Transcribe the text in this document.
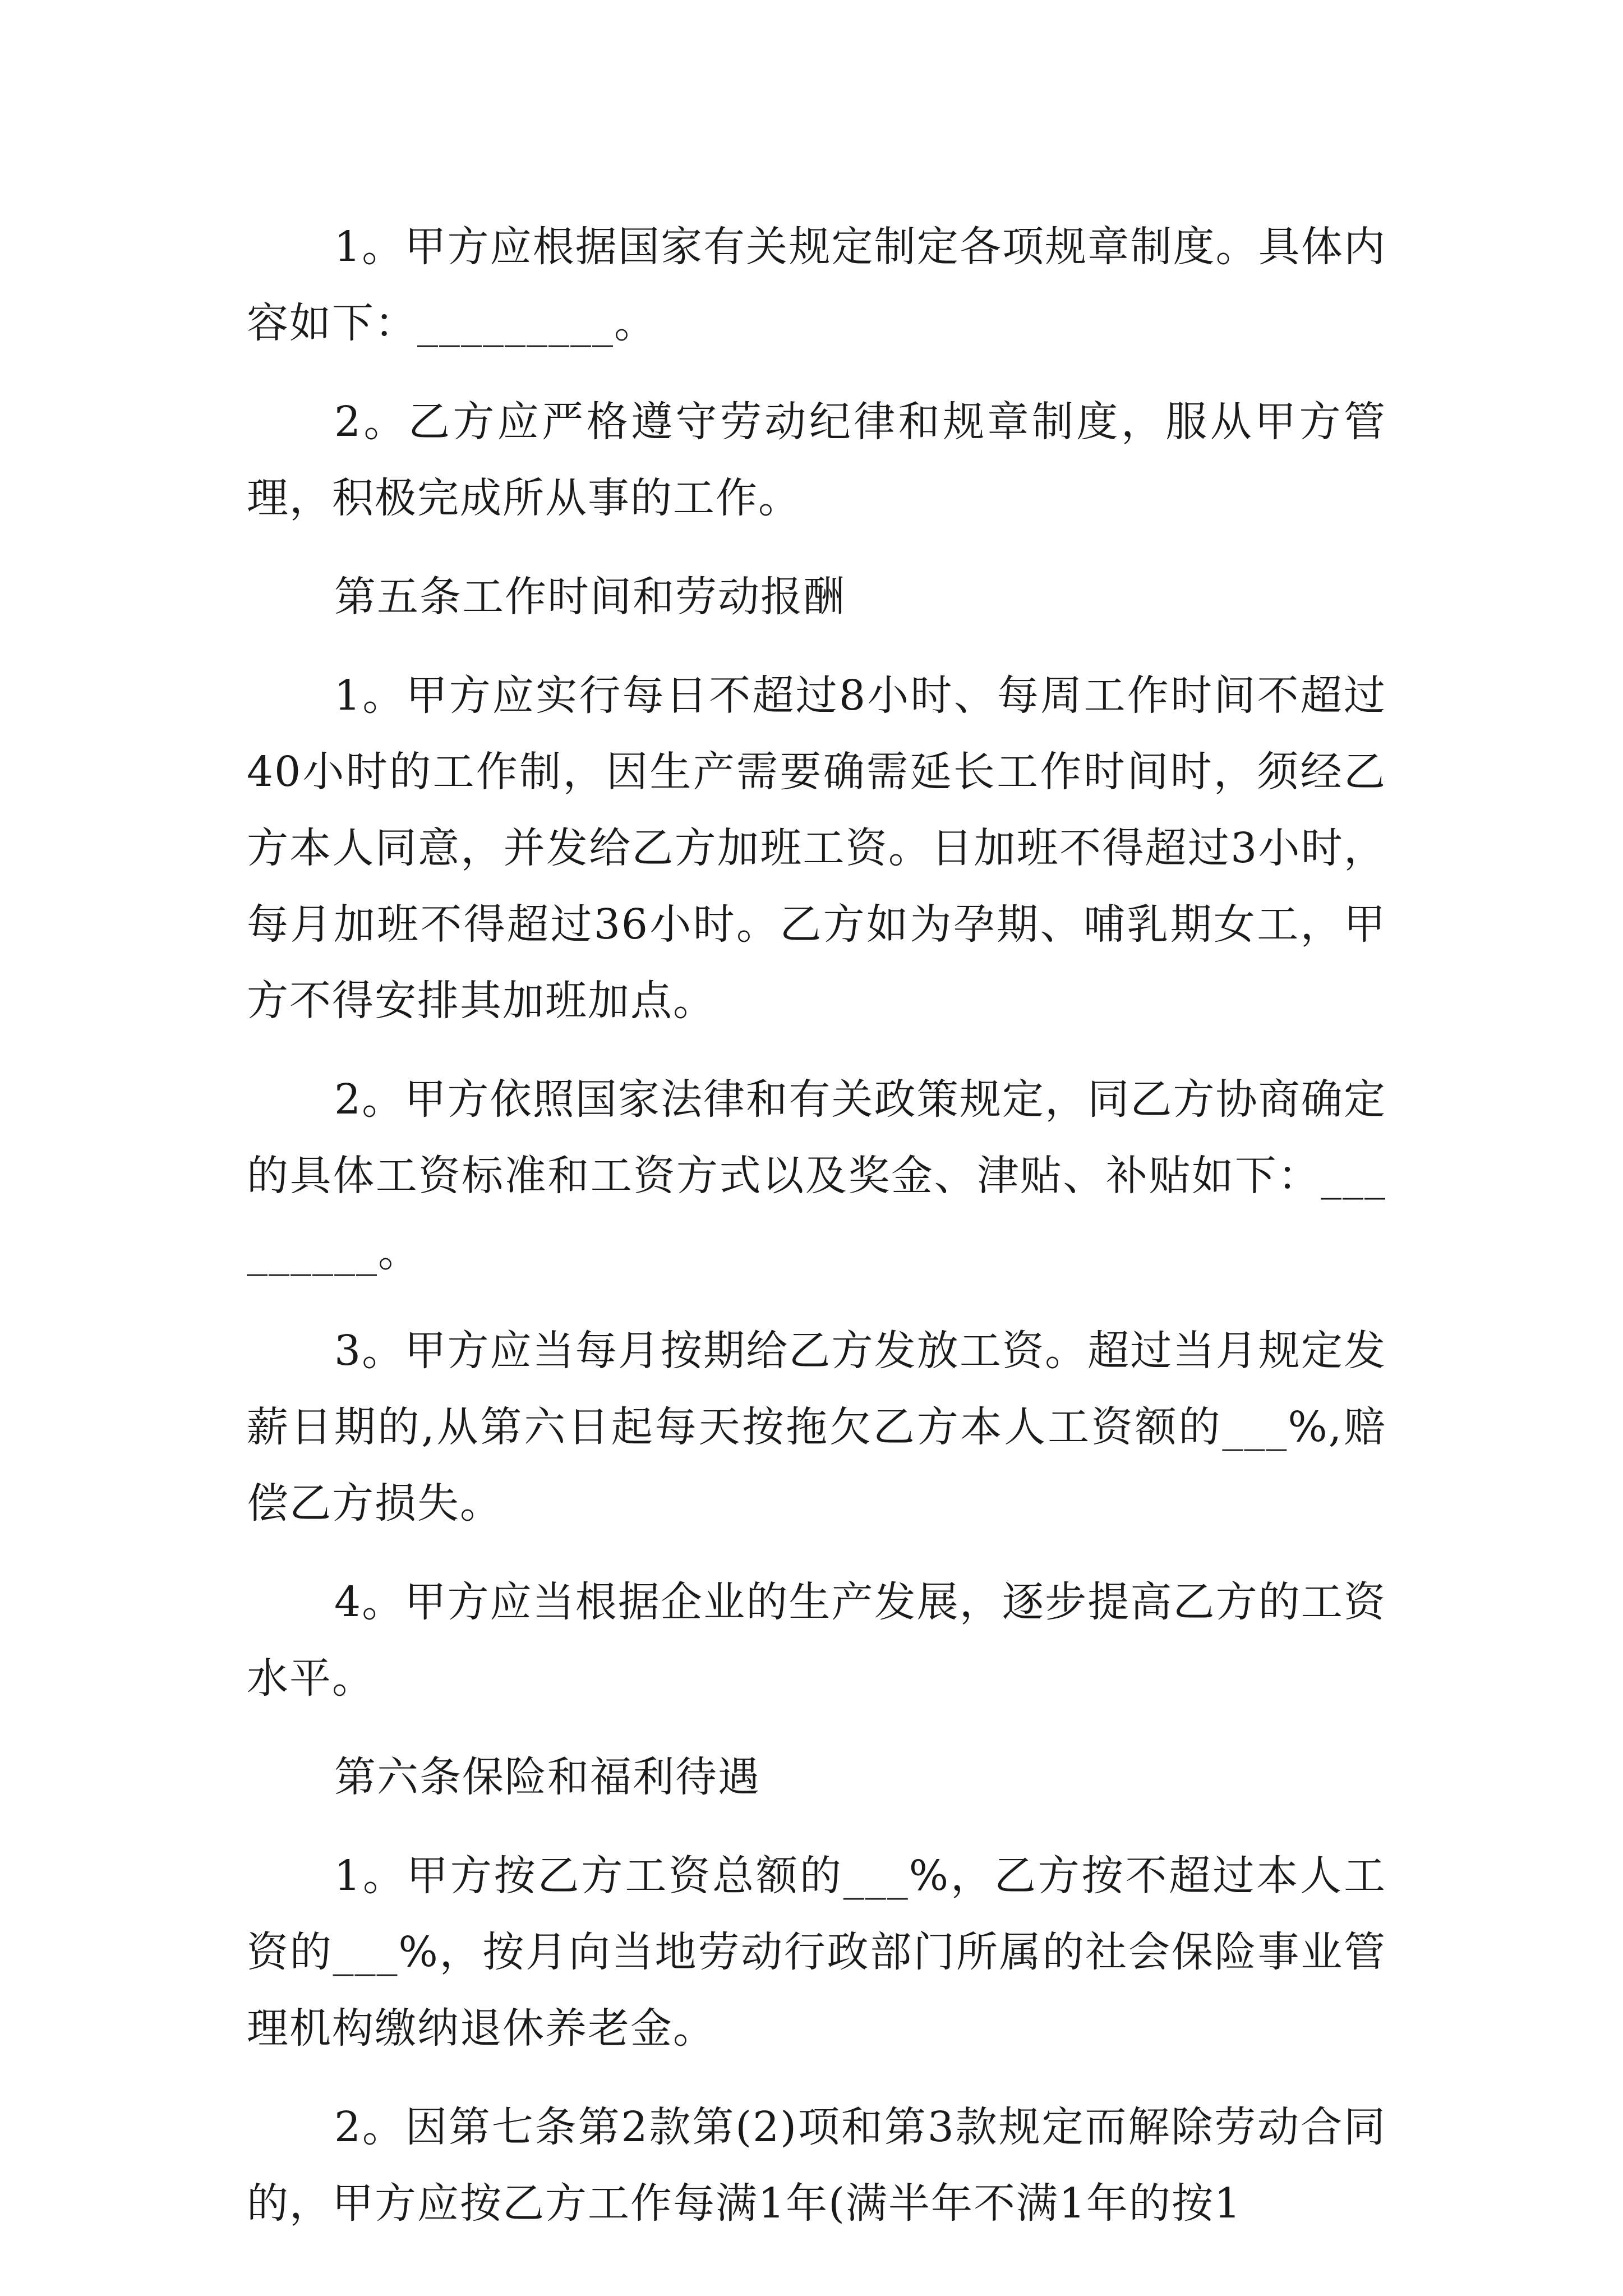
1。甲方应根据国家有关规定制定各项规章制度。具体内容如下：_________。

2。乙方应严格遵守劳动纪律和规章制度，服从甲方管理，积极完成所从事的工作。

第五条工作时间和劳动报酬

1。甲方应实行每日不超过8小时、每周工作时间不超过40小时的工作制，因生产需要确需延长工作时间时，须经乙方本人同意，并发给乙方加班工资。日加班不得超过3小时，每月加班不得超过36小时。乙方如为孕期、哺乳期女工，甲方不得安排其加班加点。

2。甲方依照国家法律和有关政策规定，同乙方协商确定的具体工资标准和工资方式以及奖金、津贴、补贴如下：_________。

3。甲方应当每月按期给乙方发放工资。超过当月规定发薪日期的,从第六日起每天按拖欠乙方本人工资额的___%,赔偿乙方损失。

4。甲方应当根据企业的生产发展，逐步提高乙方的工资水平。

第六条保险和福利待遇

1。甲方按乙方工资总额的___%，乙方按不超过本人工资的___%，按月向当地劳动行政部门所属的社会保险事业管理机构缴纳退休养老金。

2。因第七条第2款第(2)项和第3款规定而解除劳动合同的，甲方应按乙方工作每满1年(满半年不满1年的按1
